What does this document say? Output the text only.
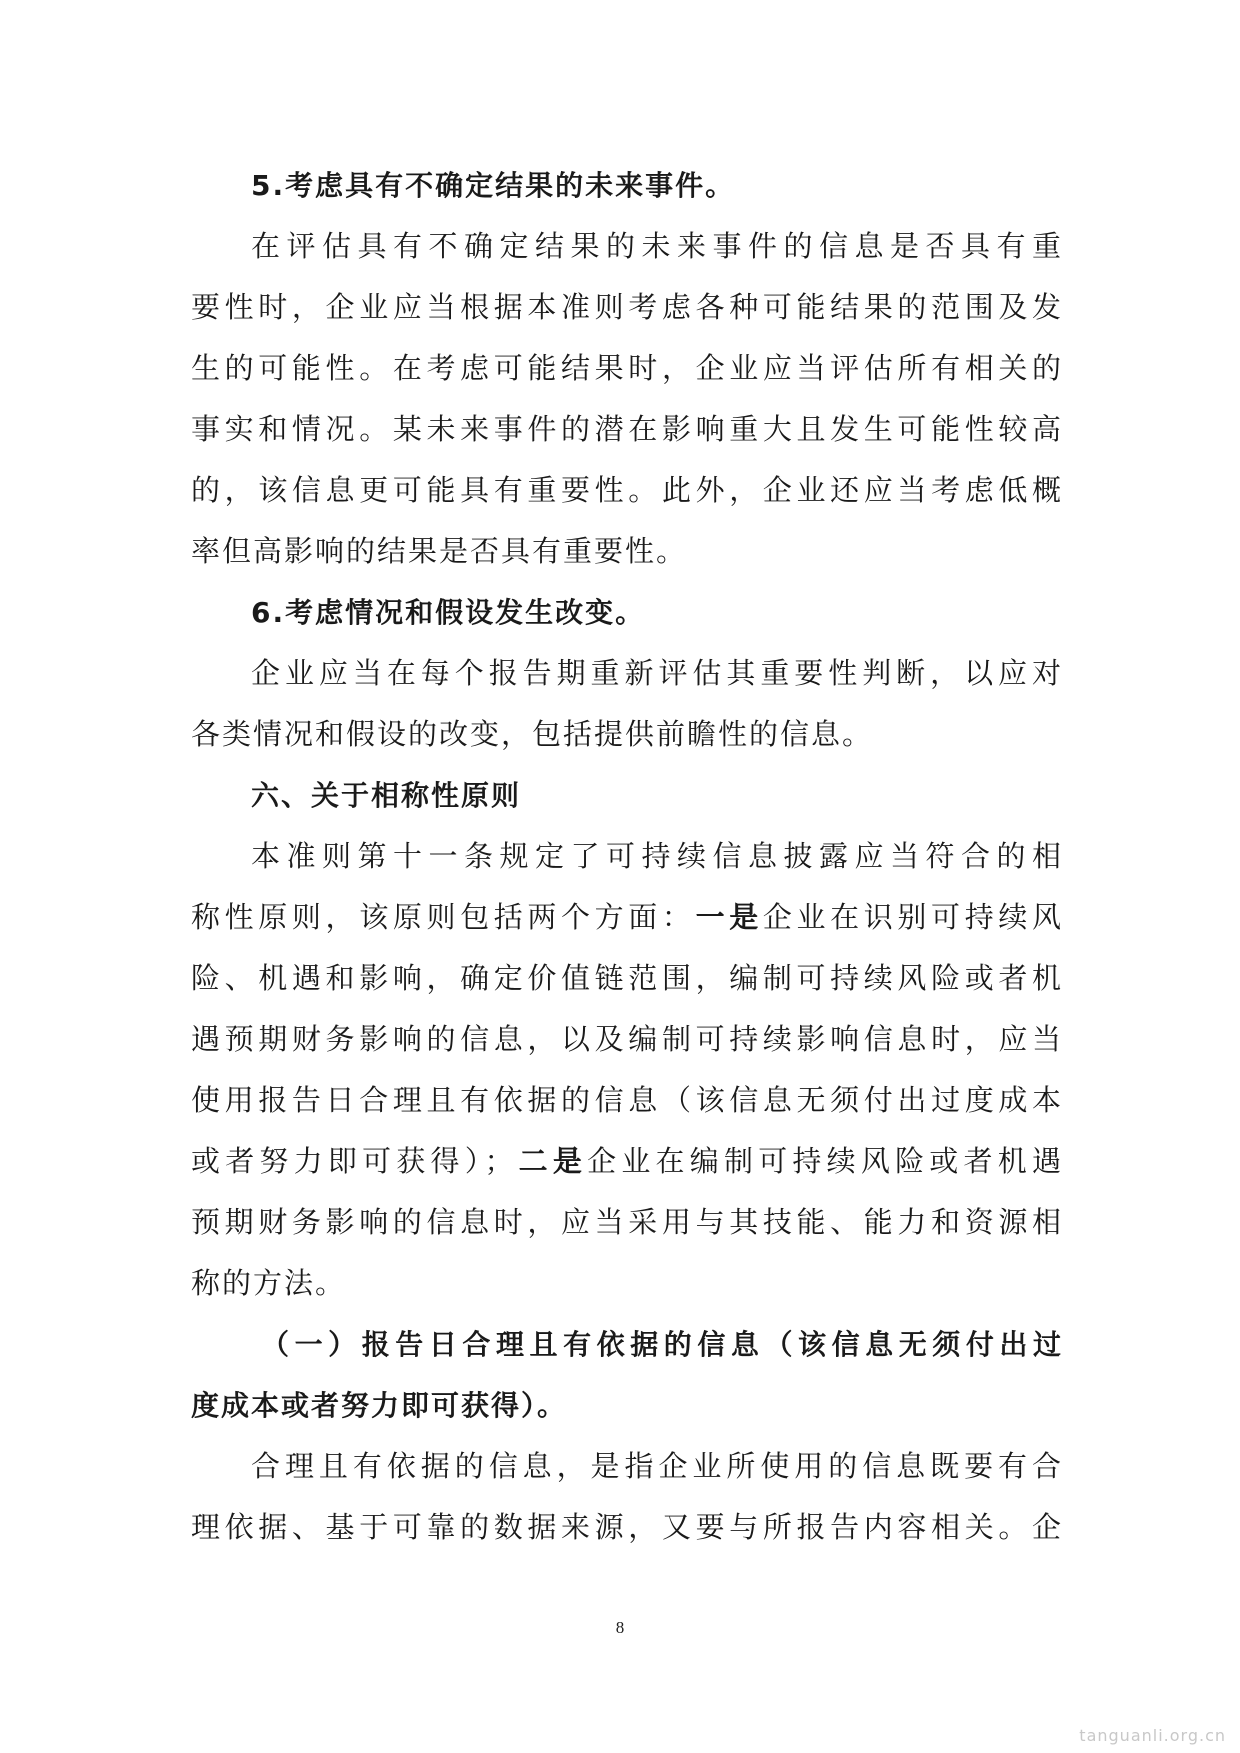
5.考虑具有不确定结果的未来事件。
在评估具有不确定结果的未来事件的信息是否具有重
要性时，企业应当根据本准则考虑各种可能结果的范围及发
生的可能性。在考虑可能结果时，企业应当评估所有相关的
事实和情况。某未来事件的潜在影响重大且发生可能性较高
的，该信息更可能具有重要性。此外，企业还应当考虑低概
率但高影响的结果是否具有重要性。
6.考虑情况和假设发生改变。
企业应当在每个报告期重新评估其重要性判断，以应对
各类情况和假设的改变，包括提供前瞻性的信息。
六、关于相称性原则
本准则第十一条规定了可持续信息披露应当符合的相
称性原则，该原则包括两个方面：一是企业在识别可持续风
险、机遇和影响，确定价值链范围，编制可持续风险或者机
遇预期财务影响的信息，以及编制可持续影响信息时，应当
使用报告日合理且有依据的信息（该信息无须付出过度成本
或者努力即可获得）；二是企业在编制可持续风险或者机遇
预期财务影响的信息时，应当采用与其技能、能力和资源相
称的方法。
（一）报告日合理且有依据的信息（该信息无须付出过
度成本或者努力即可获得）。
合理且有依据的信息，是指企业所使用的信息既要有合
理依据、基于可靠的数据来源，又要与所报告内容相关。企
8
tanguanli.org.cn
